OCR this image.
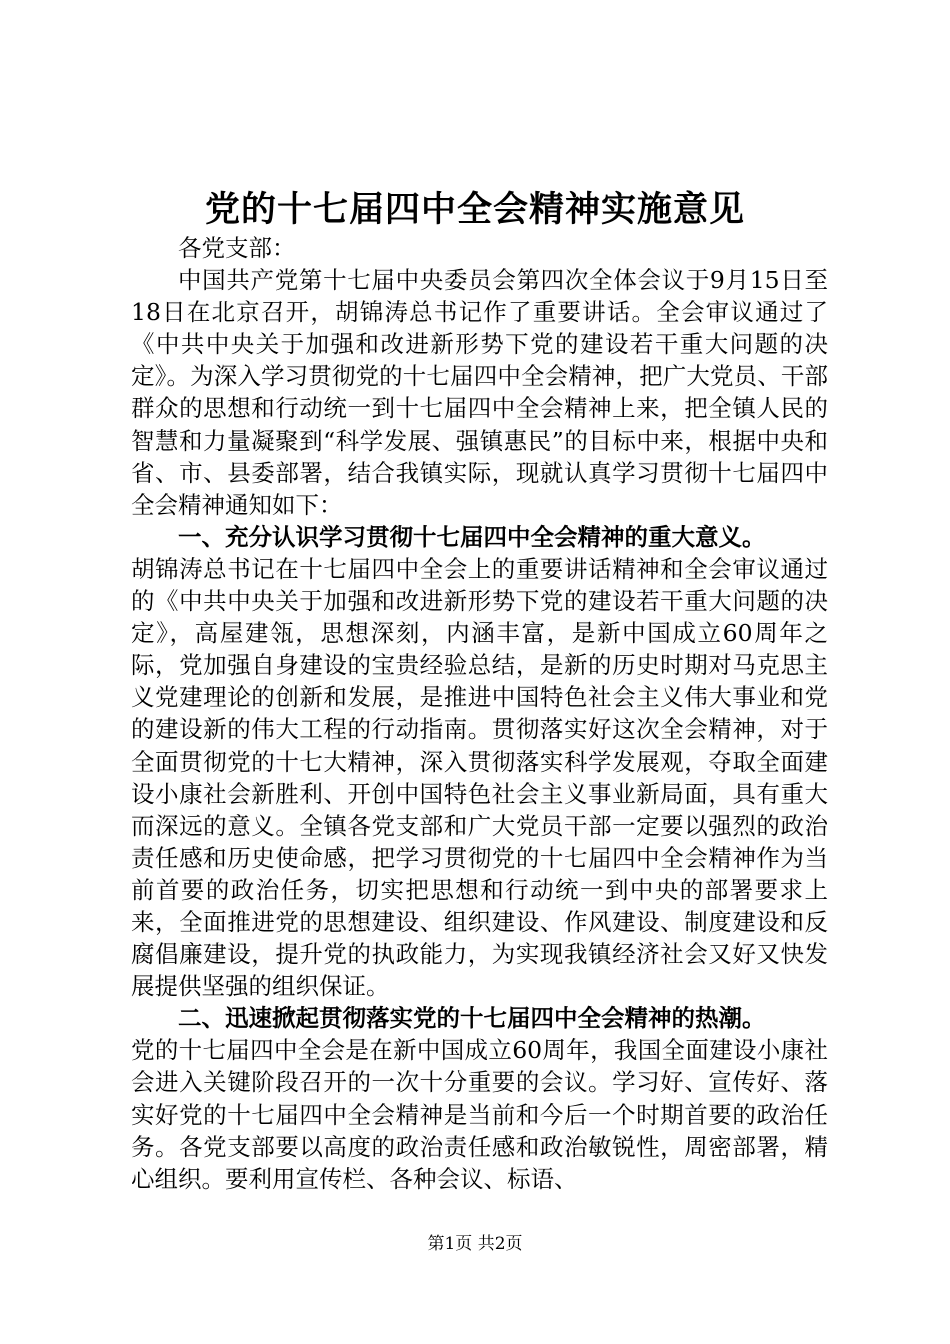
党的十七届四中全会精神实施意见

各党支部：

中国共产党第十七届中央委员会第四次全体会议于9月15日至18日在北京召开，胡锦涛总书记作了重要讲话。全会审议通过了《中共中央关于加强和改进新形势下党的建设若干重大问题的决定》。为深入学习贯彻党的十七届四中全会精神，把广大党员、干部群众的思想和行动统一到十七届四中全会精神上来，把全镇人民的智慧和力量凝聚到“科学发展、强镇惠民”的目标中来，根据中央和省、市、县委部署，结合我镇实际，现就认真学习贯彻十七届四中全会精神通知如下：

一、充分认识学习贯彻十七届四中全会精神的重大意义。

胡锦涛总书记在十七届四中全会上的重要讲话精神和全会审议通过的《中共中央关于加强和改进新形势下党的建设若干重大问题的决定》，高屋建瓴，思想深刻，内涵丰富，是新中国成立60周年之际，党加强自身建设的宝贵经验总结，是新的历史时期对马克思主义党建理论的创新和发展，是推进中国特色社会主义伟大事业和党的建设新的伟大工程的行动指南。贯彻落实好这次全会精神，对于全面贯彻党的十七大精神，深入贯彻落实科学发展观，夺取全面建设小康社会新胜利、开创中国特色社会主义事业新局面，具有重大而深远的意义。全镇各党支部和广大党员干部一定要以强烈的政治责任感和历史使命感，把学习贯彻党的十七届四中全会精神作为当前首要的政治任务，切实把思想和行动统一到中央的部署要求上来，全面推进党的思想建设、组织建设、作风建设、制度建设和反腐倡廉建设，提升党的执政能力，为实现我镇经济社会又好又快发展提供坚强的组织保证。

二、迅速掀起贯彻落实党的十七届四中全会精神的热潮。

党的十七届四中全会是在新中国成立60周年，我国全面建设小康社会进入关键阶段召开的一次十分重要的会议。学习好、宣传好、落实好党的十七届四中全会精神是当前和今后一个时期首要的政治任务。各党支部要以高度的政治责任感和政治敏锐性，周密部署，精心组织。要利用宣传栏、各种会议、标语、

第1页 共2页
